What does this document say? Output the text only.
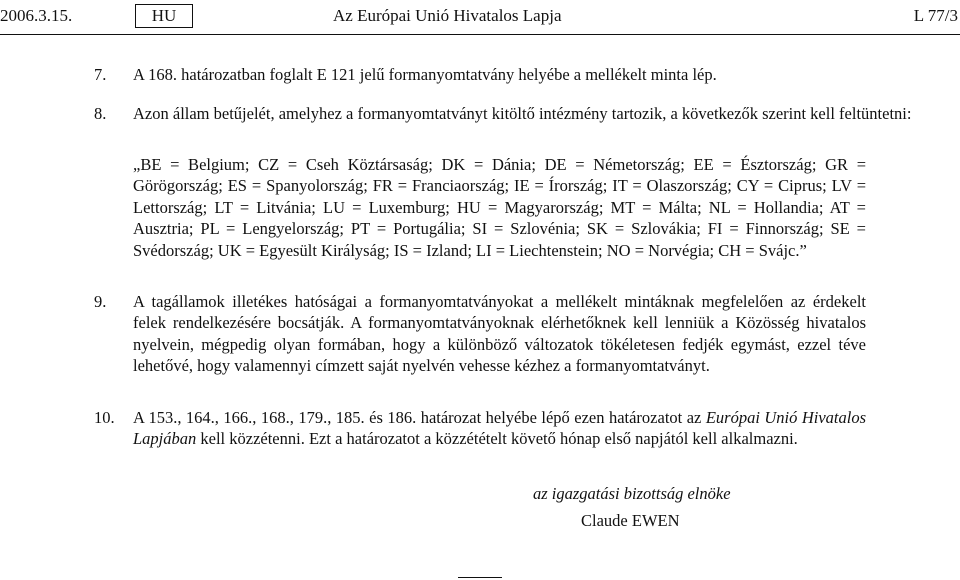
2006.3.15.	HU	Az Európai Unió Hivatalos Lapja	L 77/3
7. A 168. határozatban foglalt E 121 jelű formanyomtatvány helyébe a mellékelt minta lép.
8. Azon állam betűjelét, amelyhez a formanyomtatványt kitöltő intézmény tartozik, a következők szerint kell feltüntetni:
„BE = Belgium; CZ = Cseh Köztársaság; DK = Dánia; DE = Németország; EE = Észtország; GR = Görögország; ES = Spanyolország; FR = Franciaország; IE = Írország; IT = Olaszország; CY = Ciprus; LV = Lettország; LT = Litvánia; LU = Luxemburg; HU = Magyarország; MT = Málta; NL = Hollandia; AT = Ausztria; PL = Lengyelország; PT = Portugália; SI = Szlovénia; SK = Szlovákia; FI = Finnország; SE = Svédország; UK = Egyesült Királyság; IS = Izland; LI = Liechtenstein; NO = Norvégia; CH = Svájc.”
9. A tagállamok illetékes hatóságai a formanyomtatványokat a mellékelt mintáknak megfelelően az érdekelt felek rendelkezésére bocsátják. A formanyomtatványoknak elérhetőknek kell lenniük a Közösség hivatalos nyelvein, mégpedig olyan formában, hogy a különböző változatok tökéletesen fedjék egymást, ezzel téve lehetővé, hogy valamennyi címzett saját nyelvén vehesse kézhez a formanyomtatványt.
10. A 153., 164., 166., 168., 179., 185. és 186. határozat helyébe lépő ezen határozatot az Európai Unió Hivatalos Lapjában kell közzétenni. Ezt a határozatot a közzétételt követő hónap első napjától kell alkalmazni.
az igazgatási bizottság elnöke
Claude EWEN
